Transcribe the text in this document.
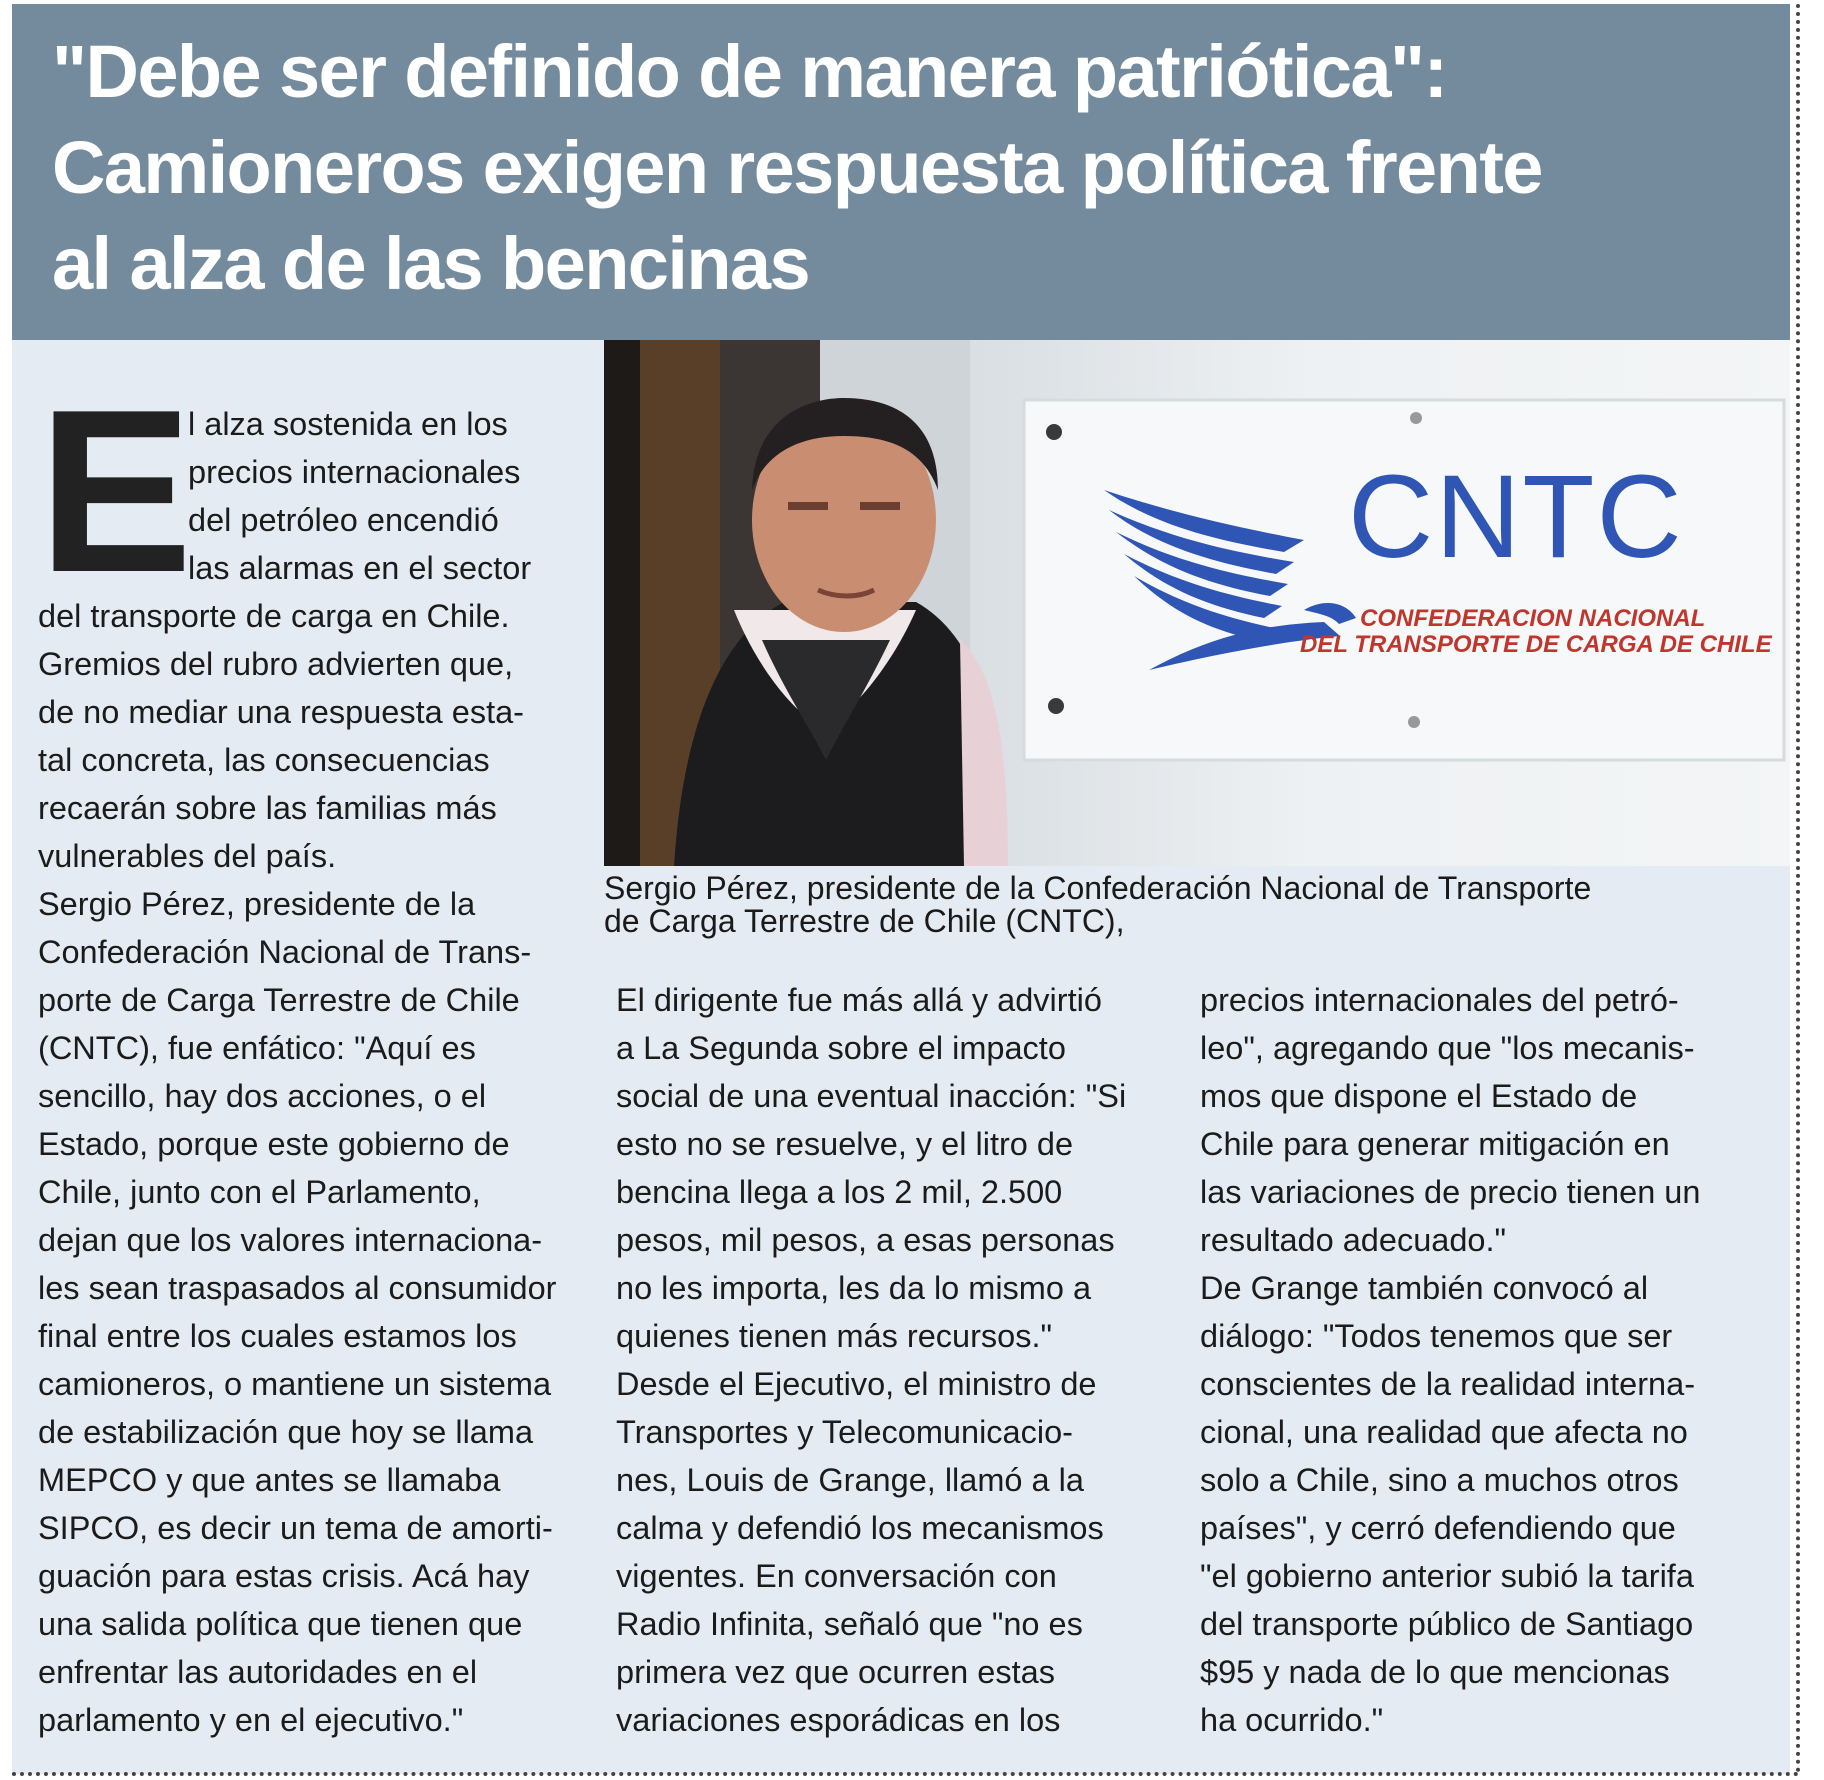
"Debe ser definido de manera patriótica":
Camioneros exigen respuesta política frente
al alza de las bencinas
CNTC
CONFEDERACION NACIONAL
DEL TRANSPORTE DE CARGA DE CHILE

Sergio Pérez, presidente de la Confederación Nacional de Transporte
de Carga Terrestre de Chile (CNTC),

E
l alza sostenida en los
precios internacionales
del petróleo encendió
las alarmas en el sector
del transporte de carga en Chile.
Gremios del rubro advierten que,
de no mediar una respuesta esta-
tal concreta, las consecuencias
recaerán sobre las familias más
vulnerables del país.
Sergio Pérez, presidente de la
Confederación Nacional de Trans-
porte de Carga Terrestre de Chile
(CNTC), fue enfático: "Aquí es
sencillo, hay dos acciones, o el
Estado, porque este gobierno de
Chile, junto con el Parlamento,
dejan que los valores internaciona-
les sean traspasados al consumidor
final entre los cuales estamos los
camioneros, o mantiene un sistema
de estabilización que hoy se llama
MEPCO y que antes se llamaba
SIPCO, es decir un tema de amorti-
guación para estas crisis. Acá hay
una salida política que tienen que
enfrentar las autoridades en el
parlamento y en el ejecutivo."
El dirigente fue más allá y advirtió
a La Segunda sobre el impacto
social de una eventual inacción: "Si
esto no se resuelve, y el litro de
bencina llega a los 2 mil, 2.500
pesos, mil pesos, a esas personas
no les importa, les da lo mismo a
quienes tienen más recursos."
Desde el Ejecutivo, el ministro de
Transportes y Telecomunicacio-
nes, Louis de Grange, llamó a la
calma y defendió los mecanismos
vigentes. En conversación con
Radio Infinita, señaló que "no es
primera vez que ocurren estas
variaciones esporádicas en los
precios internacionales del petró-
leo", agregando que "los mecanis-
mos que dispone el Estado de
Chile para generar mitigación en
las variaciones de precio tienen un
resultado adecuado."
De Grange también convocó al
diálogo: "Todos tenemos que ser
conscientes de la realidad interna-
cional, una realidad que afecta no
solo a Chile, sino a muchos otros
países", y cerró defendiendo que
"el gobierno anterior subió la tarifa
del transporte público de Santiago
$95 y nada de lo que mencionas
ha ocurrido."
